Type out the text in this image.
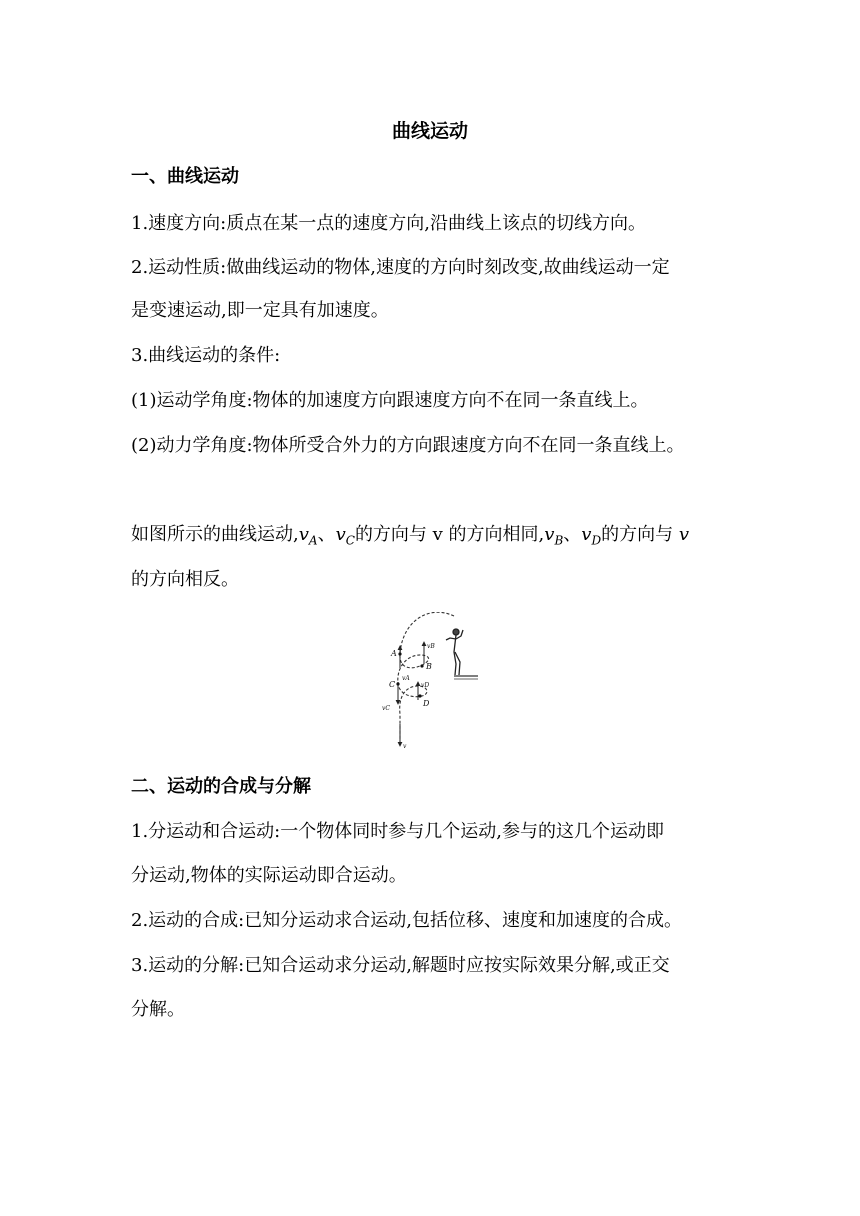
曲线运动
一、曲线运动
1.速度方向:质点在某一点的速度方向,沿曲线上该点的切线方向。
2.运动性质:做曲线运动的物体,速度的方向时刻改变,故曲线运动一定
是变速运动,即一定具有加速度。
3.曲线运动的条件:
(1)运动学角度:物体的加速度方向跟速度方向不在同一条直线上。
(2)动力学角度:物体所受合外力的方向跟速度方向不在同一条直线上。
如图所示的曲线运动$,v_A$、$v_C$的方向与 v 的方向相同$,v_B$、$v_D$的方向与 v
的方向相反。
A
B
C
D
vA
vB
vC
vD
v
二、运动的合成与分解
1.分运动和合运动:一个物体同时参与几个运动,参与的这几个运动即
分运动,物体的实际运动即合运动。
2.运动的合成:已知分运动求合运动,包括位移、速度和加速度的合成。
3.运动的分解:已知合运动求分运动,解题时应按实际效果分解,或正交
分解。
